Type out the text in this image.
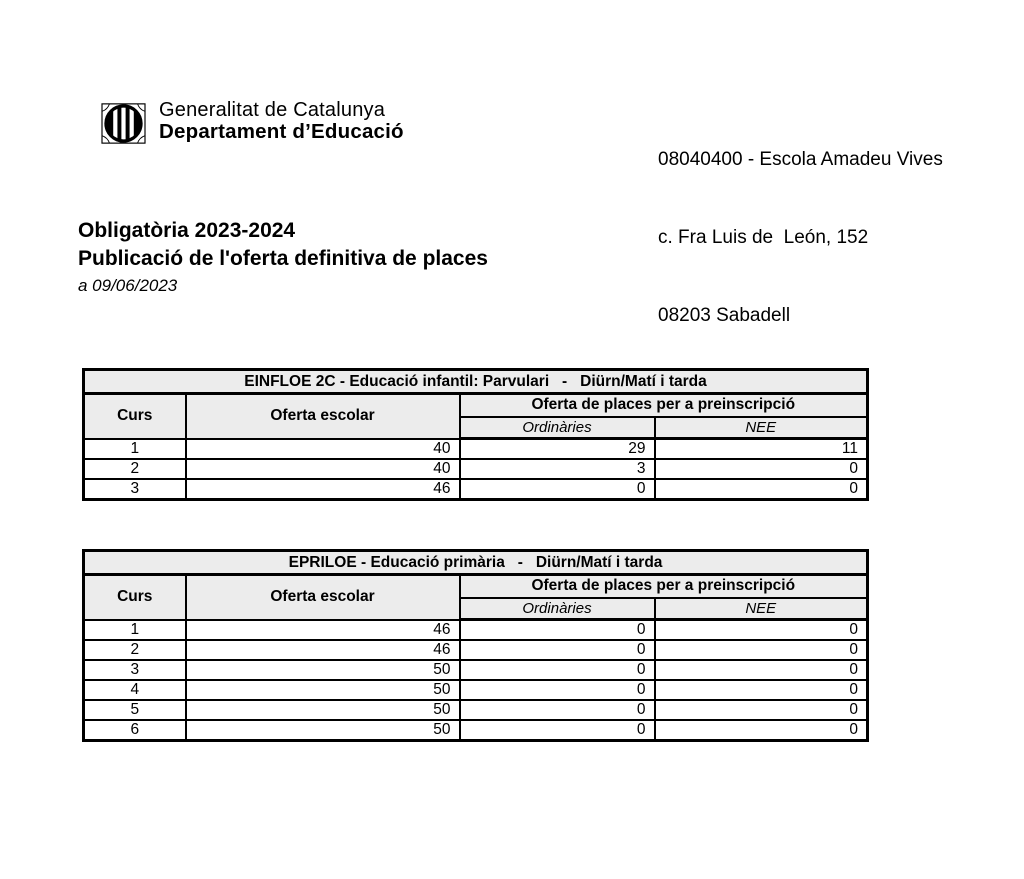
Generalitat de Catalunya
Departament d’Educació

08040400 - Escola Amadeu Vives

c. Fra Luis de  León, 152

08203 Sabadell

Obligatòria 2023-2024
Publicació de l'oferta definitiva de places
a 09/06/2023
EINFLOE 2C - Educació infantil: Parvulari   -   Diürn/Matí i tarda			
Curs	Oferta escolar	Oferta de places per a preinscripció	
		Ordinàries	NEE
1	40	29	11
2	40	3	0
3	46	0	0
EPRILOE - Educació primària   -   Diürn/Matí i tarda			
Curs	Oferta escolar	Oferta de places per a preinscripció	
		Ordinàries	NEE
1	46	0	0
2	46	0	0
3	50	0	0
4	50	0	0
5	50	0	0
6	50	0	0
